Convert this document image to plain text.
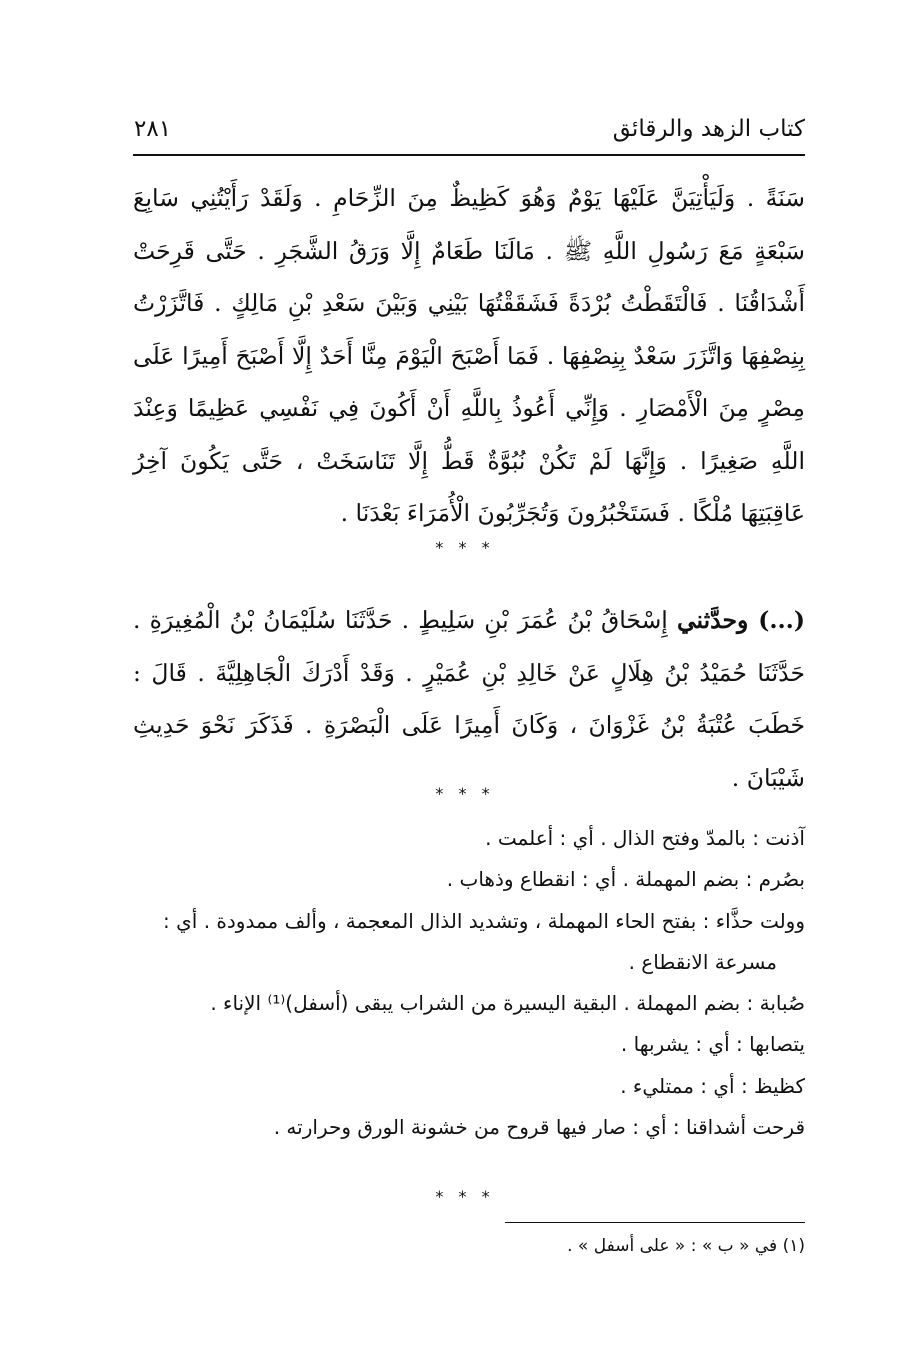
كتاب الزهد والرقائق
٢٨١

سَنَةً . وَلَيَأْتِيَنَّ عَلَيْهَا يَوْمٌ وَهُوَ كَظِيظٌ مِنَ الزِّحَامِ . وَلَقَدْ رَأَيْتُنِي سَابِعَ سَبْعَةٍ مَعَ رَسُولِ اللَّهِ ﷺ . مَالَنَا طَعَامٌ إِلَّا وَرَقُ الشَّجَرِ . حَتَّى قَرِحَتْ أَشْدَاقُنَا . فَالْتَقَطْتُ بُرْدَةً فَشَقَقْتُهَا بَيْنِي وَبَيْنَ سَعْدِ بْنِ مَالِكٍ . فَاتَّزَرْتُ بِنِصْفِهَا وَاتَّزَرَ سَعْدٌ بِنِصْفِهَا . فَمَا أَصْبَحَ الْيَوْمَ مِنَّا أَحَدٌ إِلَّا أَصْبَحَ أَمِيرًا عَلَى مِصْرٍ مِنَ الْأَمْصَارِ . وَإِنِّي أَعُوذُ بِاللَّهِ أَنْ أَكُونَ فِي نَفْسِي عَظِيمًا وَعِنْدَ اللَّهِ صَغِيرًا . وَإِنَّهَا لَمْ تَكُنْ نُبُوَّةٌ قَطُّ إِلَّا تَنَاسَخَتْ ، حَتَّى يَكُونَ آخِرُ عَاقِبَتِهَا مُلْكًا . فَسَتَخْبُرُونَ وَتُجَرِّبُونَ الْأُمَرَاءَ بَعْدَنَا .

* * *

(...) وحدَّثني إِسْحَاقُ بْنُ عُمَرَ بْنِ سَلِيطٍ . حَدَّثَنَا سُلَيْمَانُ بْنُ الْمُغِيرَةِ . حَدَّثَنَا حُمَيْدُ بْنُ هِلَالٍ عَنْ خَالِدِ بْنِ عُمَيْرٍ . وَقَدْ أَدْرَكَ الْجَاهِلِيَّةَ . قَالَ : خَطَبَ عُتْبَةُ بْنُ غَزْوَانَ ، وَكَانَ أَمِيرًا عَلَى الْبَصْرَةِ . فَذَكَرَ نَحْوَ حَدِيثِ شَيْبَانَ .

* * *
آذنت : بالمدّ وفتح الذال . أي : أعلمت .
بصُرم : بضم المهملة . أي : انقطاع وذهاب .
وولت حذَّاء : بفتح الحاء المهملة ، وتشديد الذال المعجمة ، وألف ممدودة . أي : مسرعة الانقطاع .
صُبابة : بضم المهملة . البقية اليسيرة من الشراب يبقى (أسفل)⁽¹⁾ الإناء .
يتصابها : أي : يشربها .
كظيظ : أي : ممتليء .
قرحت أشداقنا : أي : صار فيها قروح من خشونة الورق وحرارته .
* * *
(١) في « ب » : « على أسفل » .
